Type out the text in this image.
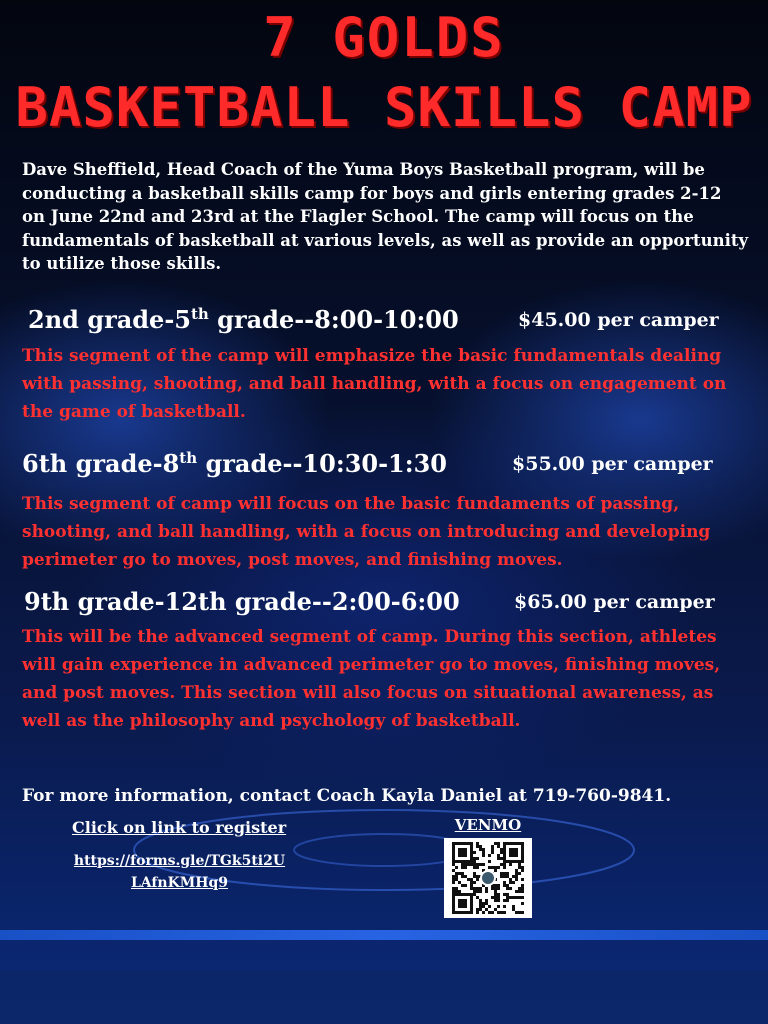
7 GOLDS
BASKETBALL SKILLS CAMP
Dave Sheffield, Head Coach of the Yuma Boys Basketball program, will be conducting a basketball skills camp for boys and girls entering grades 2-12 on June 22nd and 23rd at the Flagler School. The camp will focus on the fundamentals of basketball at various levels, as well as provide an opportunity to utilize those skills.
2nd grade-5th grade--8:00-10:00	$45.00 per camper
This segment of the camp will emphasize the basic fundamentals dealing with passing, shooting, and ball handling, with a focus on engagement on the game of basketball.
6th grade-8th grade--10:30-1:30	$55.00 per camper
This segment of camp will focus on the basic fundaments of passing, shooting, and ball handling, with a focus on introducing and developing perimeter go to moves, post moves, and finishing moves.
9th grade-12th grade--2:00-6:00	$65.00 per camper
This will be the advanced segment of camp. During this section, athletes will gain experience in advanced perimeter go to moves, finishing moves, and post moves. This section will also focus on situational awareness, as well as the philosophy and psychology of basketball.
For more information, contact Coach Kayla Daniel at 719-760-9841.
Click on link to register
https://forms.gle/TGk5ti2U
LAfnKMHq9
VENMO
